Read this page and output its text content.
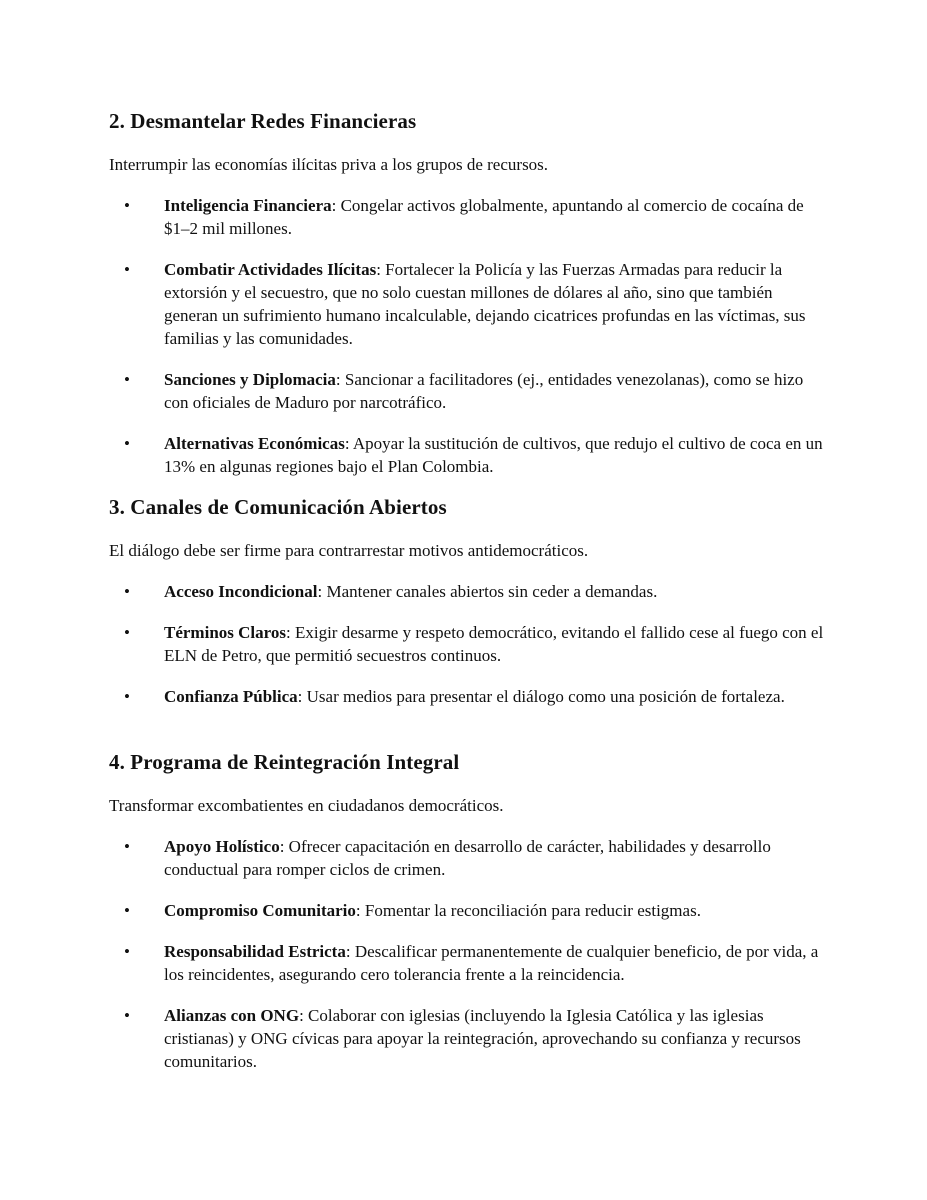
2. Desmantelar Redes Financieras

Interrumpir las economías ilícitas priva a los grupos de recursos.

• Inteligencia Financiera: Congelar activos globalmente, apuntando al comercio de cocaína de $1–2 mil millones.
• Combatir Actividades Ilícitas: Fortalecer la Policía y las Fuerzas Armadas para reducir la extorsión y el secuestro, que no solo cuestan millones de dólares al año, sino que también generan un sufrimiento humano incalculable, dejando cicatrices profundas en las víctimas, sus familias y las comunidades.
• Sanciones y Diplomacia: Sancionar a facilitadores (ej., entidades venezolanas), como se hizo con oficiales de Maduro por narcotráfico.
• Alternativas Económicas: Apoyar la sustitución de cultivos, que redujo el cultivo de coca en un 13% en algunas regiones bajo el Plan Colombia.
3. Canales de Comunicación Abiertos

El diálogo debe ser firme para contrarrestar motivos antidemocráticos.

• Acceso Incondicional: Mantener canales abiertos sin ceder a demandas.
• Términos Claros: Exigir desarme y respeto democrático, evitando el fallido cese al fuego con el ELN de Petro, que permitió secuestros continuos.
• Confianza Pública: Usar medios para presentar el diálogo como una posición de fortaleza.
4. Programa de Reintegración Integral

Transformar excombatientes en ciudadanos democráticos.

• Apoyo Holístico: Ofrecer capacitación en desarrollo de carácter, habilidades y desarrollo conductual para romper ciclos de crimen.
• Compromiso Comunitario: Fomentar la reconciliación para reducir estigmas.
• Responsabilidad Estricta: Descalificar permanentemente de cualquier beneficio, de por vida, a los reincidentes, asegurando cero tolerancia frente a la reincidencia.
• Alianzas con ONG: Colaborar con iglesias (incluyendo la Iglesia Católica y las iglesias cristianas) y ONG cívicas para apoyar la reintegración, aprovechando su confianza y recursos comunitarios.
